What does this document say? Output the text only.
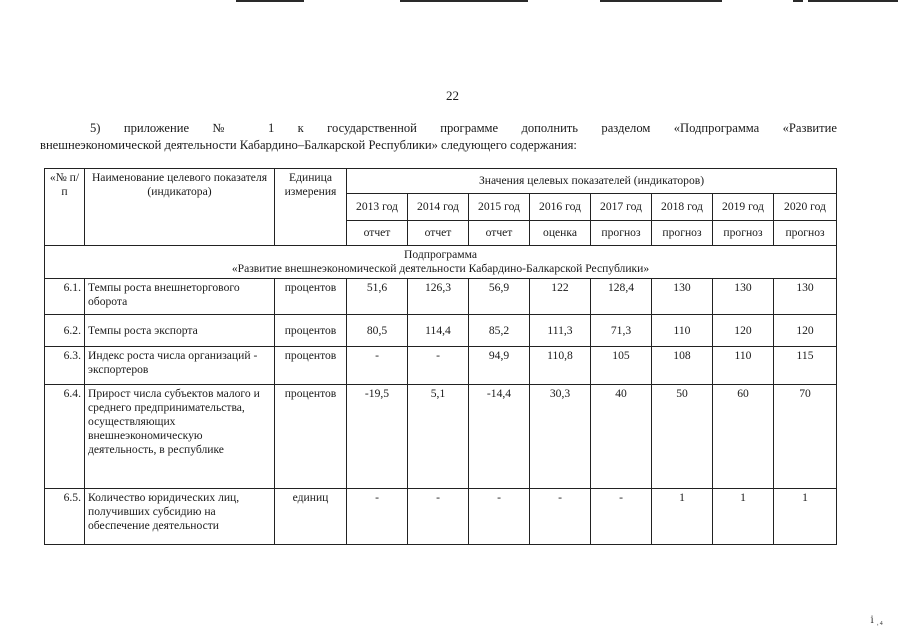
22
5) приложение № 1 к государственной программе дополнить разделом «Подпрограмма «Развитие
внешнеэкономической деятельности Кабардино–Балкарской Республики» следующего содержания:
«№ п/п	Наименование целевого показателя (индикатора)	Единица измерения	Значения целевых показателей (индикаторов)							
			2013 год	2014 год	2015 год	2016 год	2017 год	2018 год	2019 год	2020 год
			отчет	отчет	отчет	оценка	прогноз	прогноз	прогноз	прогноз

Подпрограмма
«Развитие внешнеэкономической деятельности Кабардино-Балкарской Республики»										

6.1.	Темпы роста внешнеторгового оборота	процентов	51,6	126,3	56,9	122	128,4	130	130	130
6.2.	Темпы роста экспорта	процентов	80,5	114,4	85,2	111,3	71,3	110	120	120
6.3.	Индекс роста числа организаций - экспортеров	процентов	-	-	94,9	110,8	105	108	110	115
6.4.	Прирост числа субъектов малого и среднего предпринимательства, осуществляющих внешнеэкономическую деятельность, в республике	процентов	-19,5	5,1	-14,4	30,3	40	50	60	70
6.5.	Количество юридических лиц, получивших субсидию на обеспечение деятельности	единиц	-	-	-	-	-	1	1	1
ⅰ ˌ₄
